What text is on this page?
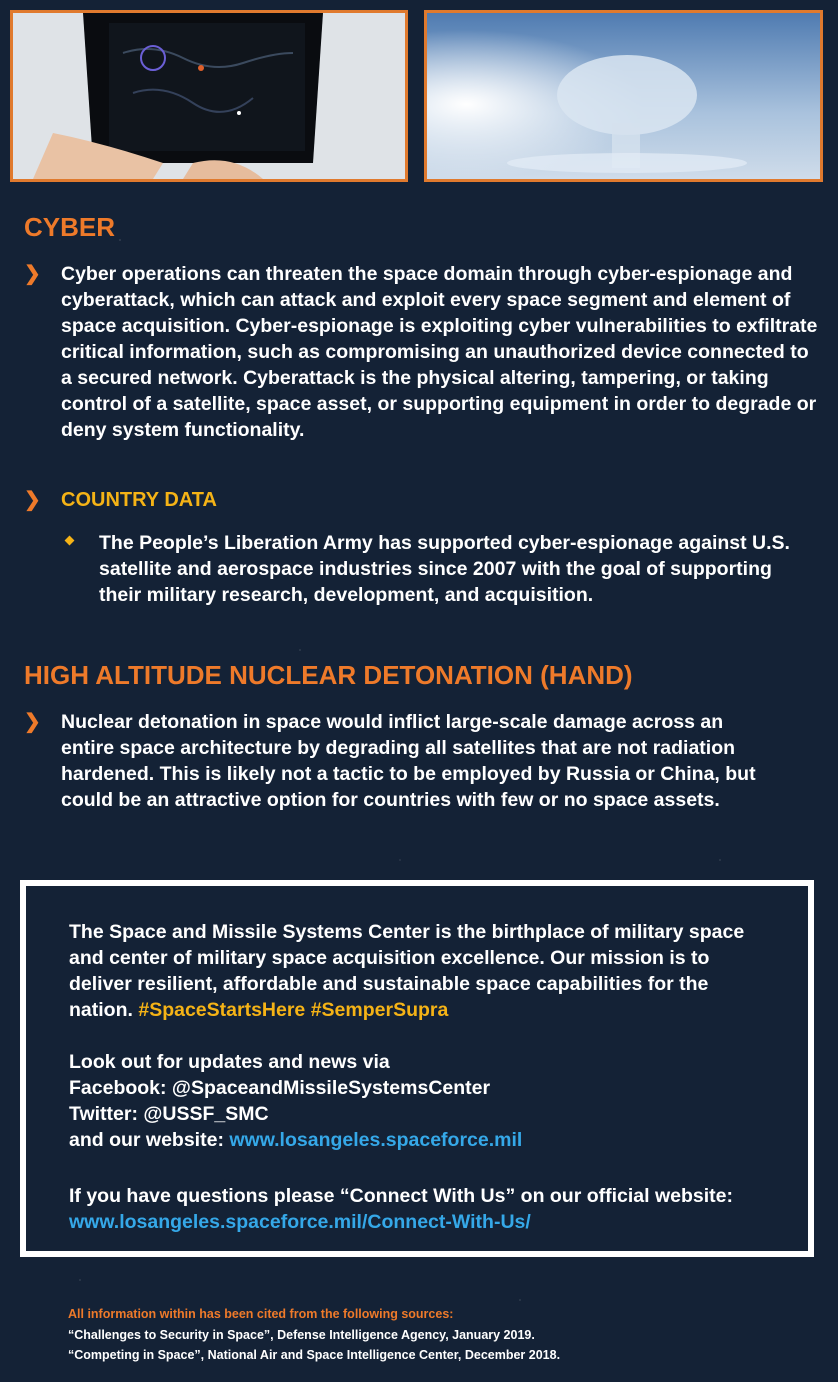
CYBER
❯ Cyber operations can threaten the space domain through cyber-espionage and cyberattack, which can attack and exploit every space segment and element of space acquisition. Cyber-espionage is exploiting cyber vulnerabilities to exfiltrate critical information, such as compromising an unauthorized device connected to a secured network. Cyberattack is the physical altering, tampering, or taking control of a satellite, space asset, or supporting equipment in order to degrade or deny system functionality.

❯ COUNTRY DATA

The People’s Liberation Army has supported cyber-espionage against U.S. satellite and aerospace industries since 2007 with the goal of supporting their military research, development, and acquisition.

HIGH ALTITUDE NUCLEAR DETONATION (HAND)
❯ Nuclear detonation in space would inflict large-scale damage across an entire space architecture by degrading all satellites that are not radiation hardened. This is likely not a tactic to be employed by Russia or China, but could be an attractive option for countries with few or no space assets.

The Space and Missile Systems Center is the birthplace of military space and center of military space acquisition excellence. Our mission is to deliver resilient, affordable and sustainable space capabilities for the nation. #SpaceStartsHere #SemperSupra

Look out for updates and news via
Facebook: @SpaceandMissileSystemsCenter
Twitter: @USSF_SMC
and our website: www.losangeles.spaceforce.mil

If you have questions please “Connect With Us” on our official website: www.losangeles.spaceforce.mil/Connect-With-Us/

All information within has been cited from the following sources:

“Challenges to Security in Space”, Defense Intelligence Agency, January 2019.

“Competing in Space”, National Air and Space Intelligence Center, December 2018.
